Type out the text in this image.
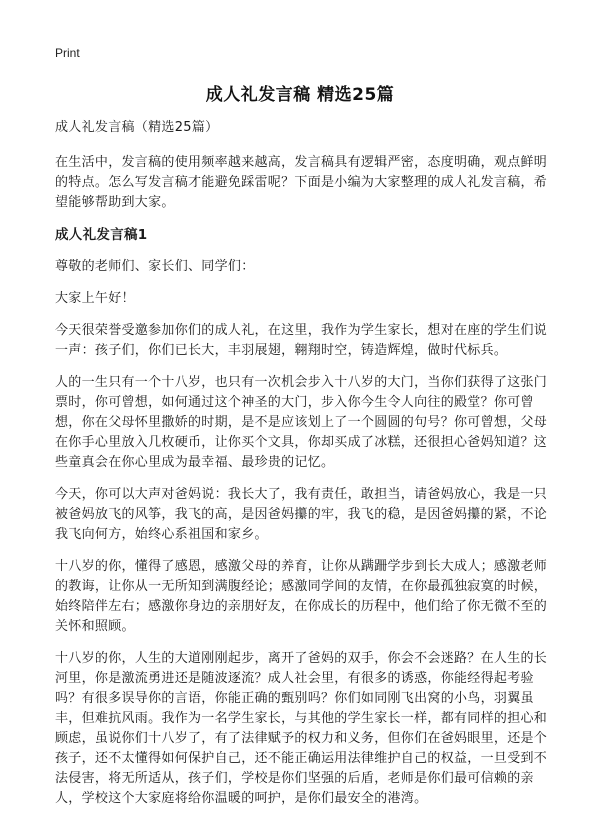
Print
成人礼发言稿 精选25篇

成人礼发言稿（精选25篇）

在生活中，发言稿的使用频率越来越高，发言稿具有逻辑严密，态度明确，观点鲜明的特点。怎么写发言稿才能避免踩雷呢？下面是小编为大家整理的成人礼发言稿，希望能够帮助到大家。

成人礼发言稿1

尊敬的老师们、家长们、同学们：

大家上午好！

今天很荣誉受邀参加你们的成人礼，在这里，我作为学生家长，想对在座的学生们说一声：孩子们，你们已长大，丰羽展翅，翱翔时空，铸造辉煌，做时代标兵。

人的一生只有一个十八岁，也只有一次机会步入十八岁的大门，当你们获得了这张门票时，你可曾想，如何通过这个神圣的大门，步入你今生令人向往的殿堂？你可曾想，你在父母怀里撒娇的时期，是不是应该划上了一个圆圆的句号？你可曾想，父母在你手心里放入几枚硬币，让你买个文具，你却买成了冰糕，还很担心爸妈知道？这些童真会在你心里成为最幸福、最珍贵的记忆。

今天，你可以大声对爸妈说：我长大了，我有责任，敢担当，请爸妈放心，我是一只被爸妈放飞的风筝，我飞的高，是因爸妈攥的牢，我飞的稳，是因爸妈攥的紧，不论我飞向何方，始终心系祖国和家乡。

十八岁的你，懂得了感恩，感激父母的养育，让你从蹒跚学步到长大成人；感激老师的教诲，让你从一无所知到满腹经论；感激同学间的友情，在你最孤独寂寞的时候，始终陪伴左右；感激你身边的亲朋好友，在你成长的历程中，他们给了你无微不至的关怀和照顾。

十八岁的你，人生的大道刚刚起步，离开了爸妈的双手，你会不会迷路？在人生的长河里，你是激流勇进还是随波逐流？成人社会里，有很多的诱惑，你能经得起考验吗？有很多误导你的言语，你能正确的甄别吗？你们如同刚飞出窝的小鸟，羽翼虽丰，但难抗风雨。我作为一名学生家长，与其他的学生家长一样，都有同样的担心和顾虑，虽说你们十八岁了，有了法律赋予的权力和义务，但你们在爸妈眼里，还是个孩子，还不太懂得如何保护自己，还不能正确运用法律维护自己的权益，一旦受到不法侵害，将无所适从，孩子们，学校是你们坚强的后盾，老师是你们最可信赖的亲人，学校这个大家庭将给你温暖的呵护，是你们最安全的港湾。
